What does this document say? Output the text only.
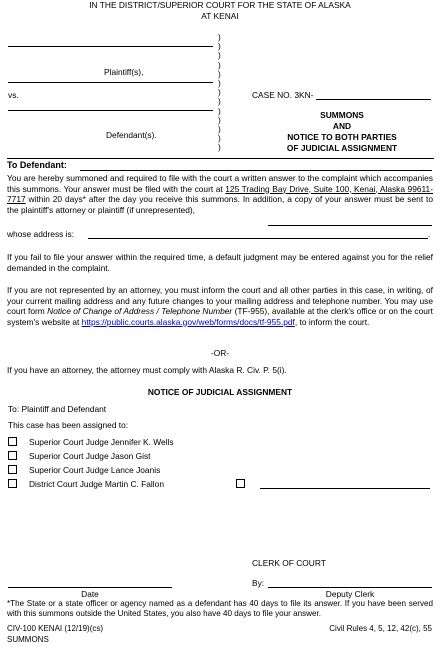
IN THE DISTRICT/SUPERIOR COURT FOR THE STATE OF ALASKA
AT KENAI
Plaintiff(s),
vs.
Defendant(s).
)
)
)
)
)
)
)
)
)
)
)
)
)
CASE NO. 3KN-
SUMMONS
AND
NOTICE TO BOTH PARTIES
OF JUDICIAL ASSIGNMENT
To Defendant:
You are hereby summoned and required to file with the court a written answer to the complaint which accompanies this summons. Your answer must be filed with the court at 125 Trading Bay Drive, Suite 100, Kenai, Alaska 99611-7717 within 20 days* after the day you receive this summons. In addition, a copy of your answer must be sent to the plaintiff's attorney or plaintiff (if unrepresented),
whose address is:	.
If you fail to file your answer within the required time, a default judgment may be entered against you for the relief demanded in the complaint.
If you are not represented by an attorney, you must inform the court and all other parties in this case, in writing, of your current mailing address and any future changes to your mailing address and telephone number. You may use court form Notice of Change of Address / Telephone Number (TF-955), available at the clerk's office or on the court system's website at https://public.courts.alaska.gov/web/forms/docs/tf-955.pdf, to inform the court.
-OR-
If you have an attorney, the attorney must comply with Alaska R. Civ. P. 5(i).
NOTICE OF JUDICIAL ASSIGNMENT
To: Plaintiff and Defendant
This case has been assigned to:
Superior Court Judge Jennifer K. Wells
Superior Court Judge Jason Gist
Superior Court Judge Lance Joanis
District Court Judge Martin C. Fallon
CLERK OF COURT
By:
Date	Deputy Clerk
*The State or a state officer or agency named as a defendant has 40 days to file its answer. If you have been served with this summons outside the United States, you also have 40 days to file your answer.
CIV-100 KENAI (12/19)(cs)
SUMMONS
Civil Rules 4, 5, 12, 42(c), 55
